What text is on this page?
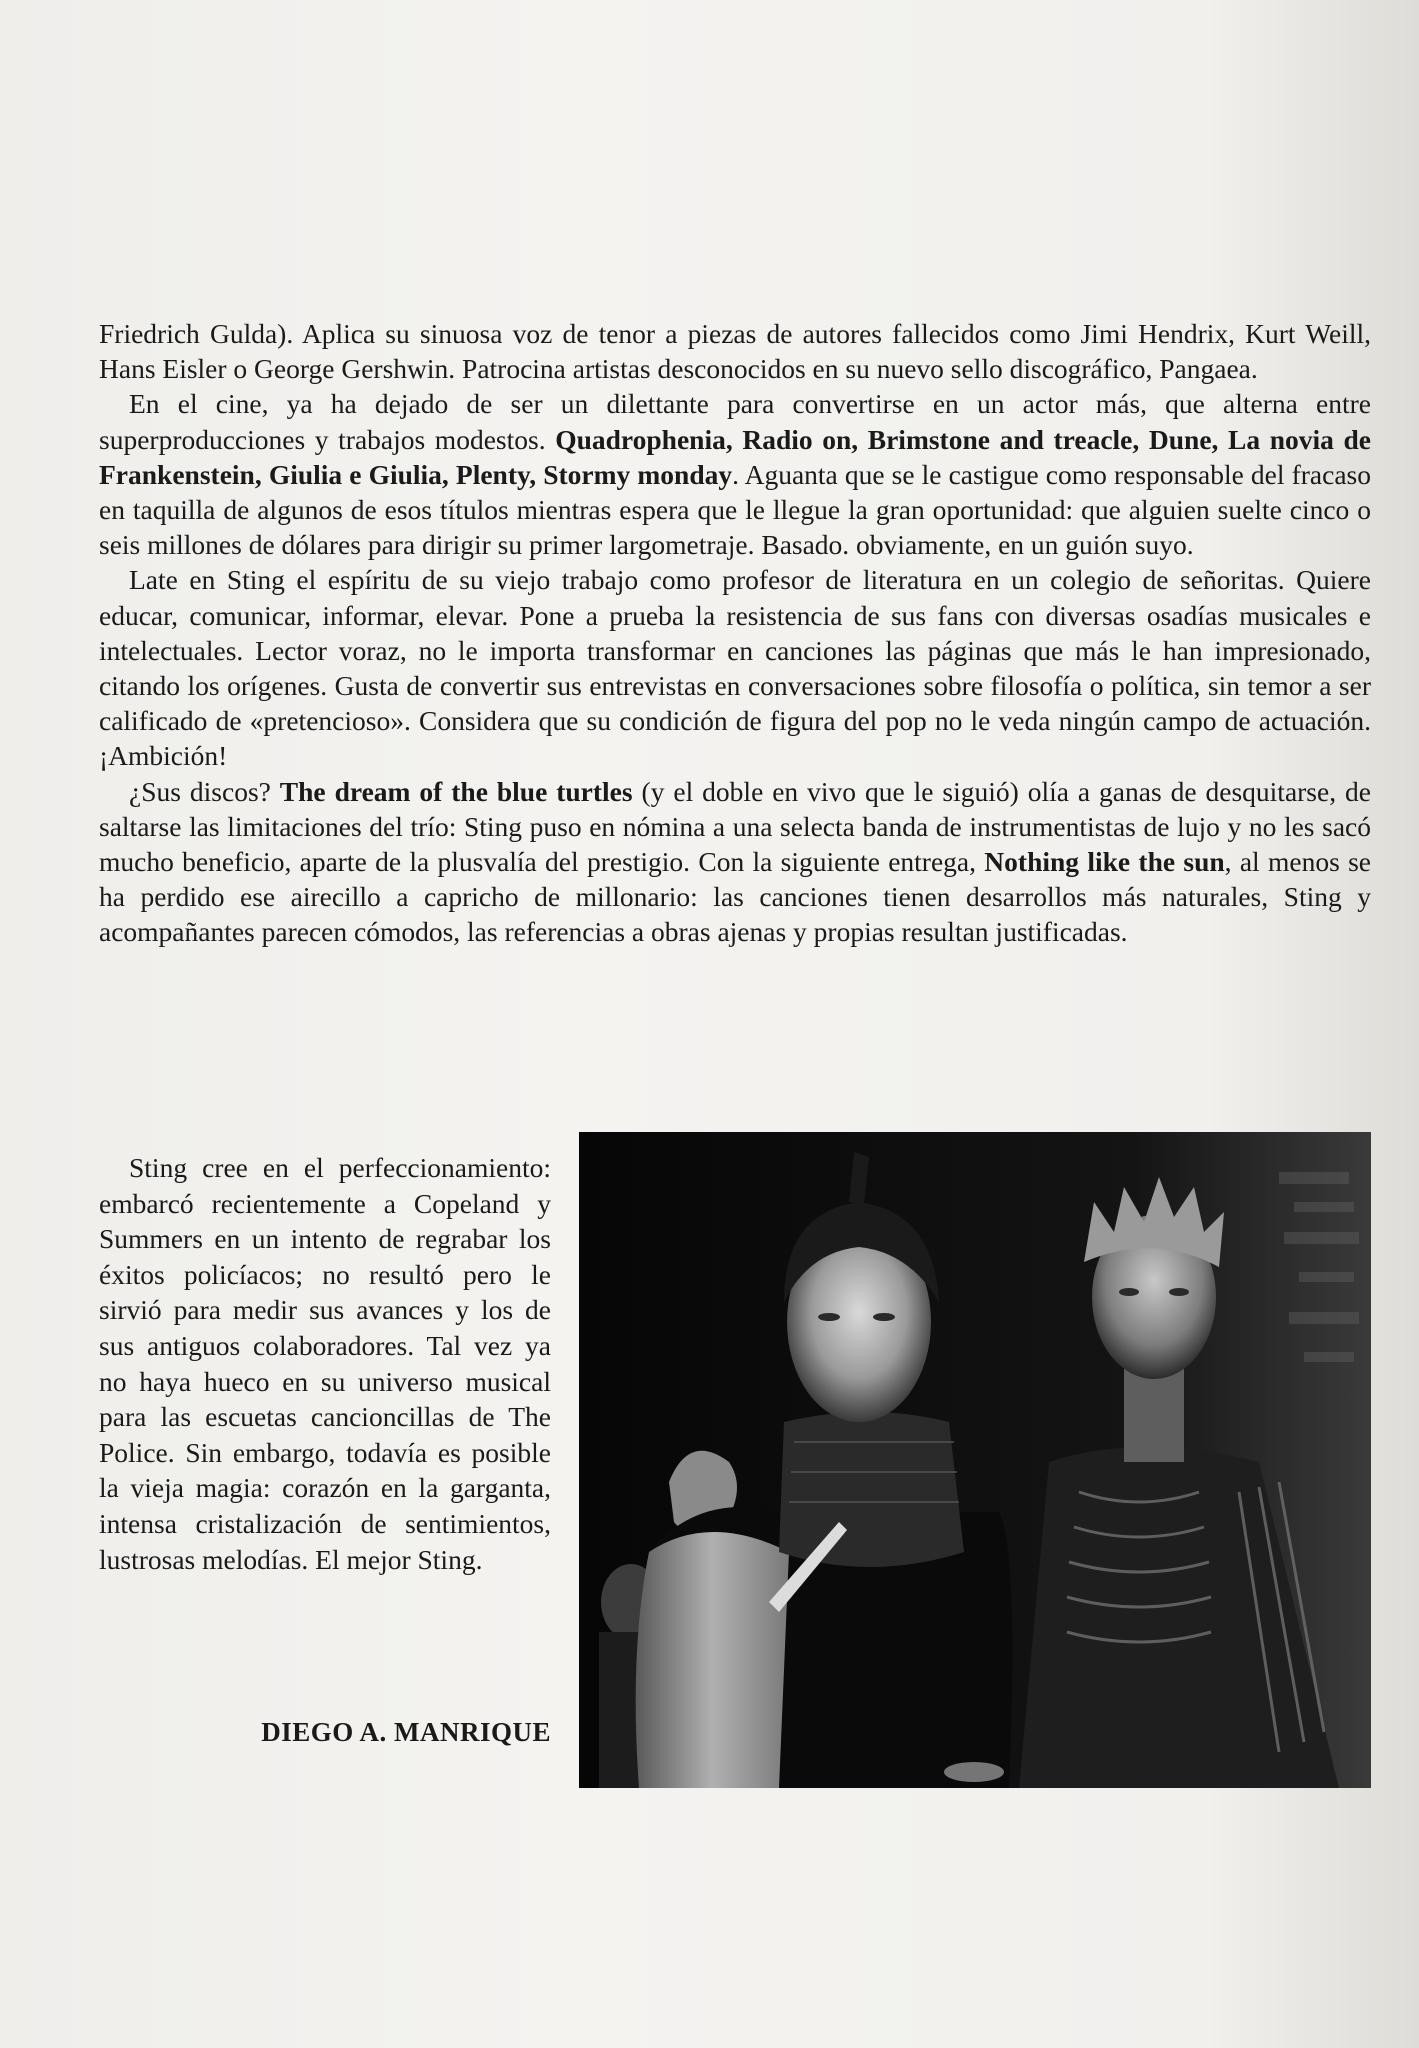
Friedrich Gulda). Aplica su sinuosa voz de tenor a piezas de autores fallecidos como Jimi Hendrix, Kurt Weill, Hans Eisler o George Gershwin. Patrocina artistas desconocidos en su nuevo sello discográfico, Pangaea.

En el cine, ya ha dejado de ser un dilettante para convertirse en un actor más, que alterna entre superproducciones y trabajos modestos. Quadrophenia, Radio on, Brimstone and treacle, Dune, La novia de Frankenstein, Giulia e Giulia, Plenty, Stormy monday. Aguanta que se le castigue como responsable del fracaso en taquilla de algunos de esos títulos mientras espera que le llegue la gran oportunidad: que alguien suelte cinco o seis millones de dólares para dirigir su primer largometraje. Basado. obviamente, en un guión suyo.

Late en Sting el espíritu de su viejo trabajo como profesor de literatura en un colegio de señoritas. Quiere educar, comunicar, informar, elevar. Pone a prueba la resistencia de sus fans con diversas osadías musicales e intelectuales. Lector voraz, no le importa transformar en canciones las páginas que más le han impresionado, citando los orígenes. Gusta de convertir sus entrevistas en conversaciones sobre filosofía o política, sin temor a ser calificado de «pretencioso». Considera que su condición de figura del pop no le veda ningún campo de actuación. ¡Ambición!

¿Sus discos? The dream of the blue turtles (y el doble en vivo que le siguió) olía a ganas de desquitarse, de saltarse las limitaciones del trío: Sting puso en nómina a una selecta banda de instrumentistas de lujo y no les sacó mucho beneficio, aparte de la plusvalía del prestigio. Con la siguiente entrega, Nothing like the sun, al menos se ha perdido ese airecillo a capricho de millonario: las canciones tienen desarrollos más naturales, Sting y acompañantes parecen cómodos, las referencias a obras ajenas y propias resultan justificadas.

Sting cree en el perfeccionamiento: embarcó recientemente a Copeland y Summers en un intento de regrabar los éxitos policíacos; no resultó pero le sirvió para medir sus avances y los de sus antiguos colaboradores. Tal vez ya no haya hueco en su universo musical para las escuetas cancioncillas de The Police. Sin embargo, todavía es posible la vieja magia: corazón en la garganta, intensa cristalización de sentimientos, lustrosas melodías. El mejor Sting.

DIEGO A. MANRIQUE
